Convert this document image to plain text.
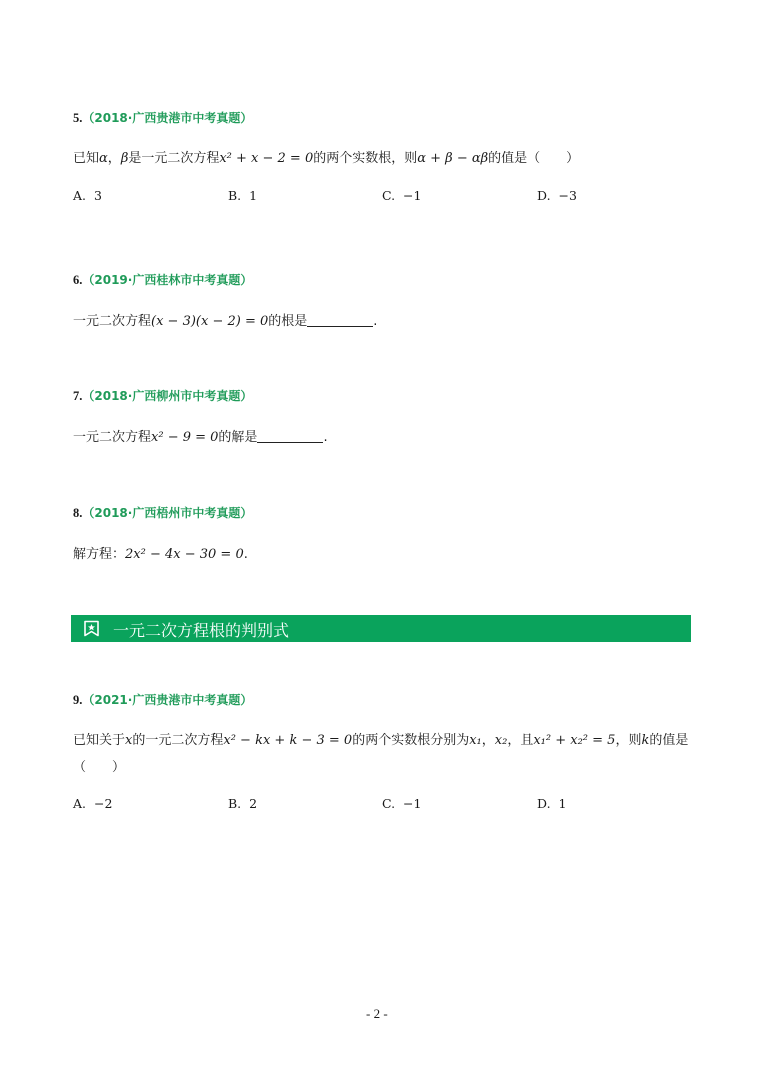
5.（2018·广西贵港市中考真题）
已知α，β是一元二次方程x² + x − 2 = 0的两个实数根，则α + β − αβ的值是（　　）
A. 3	B. 1	C. −1	D. −3
6.（2019·广西桂林市中考真题）
一元二次方程(x − 3)(x − 2) = 0的根是	.
7.（2018·广西柳州市中考真题）
一元二次方程x² − 9 = 0的解是	.
8.（2018·广西梧州市中考真题）
解方程：2x² − 4x − 30 = 0.
一元二次方程根的判别式
9.（2021·广西贵港市中考真题）
已知关于x的一元二次方程x² − kx + k − 3 = 0的两个实数根分别为x₁，x₂，且x₁² + x₂² = 5，则k的值是
（　　）
A. −2	B. 2	C. −1	D. 1
- 2 -
